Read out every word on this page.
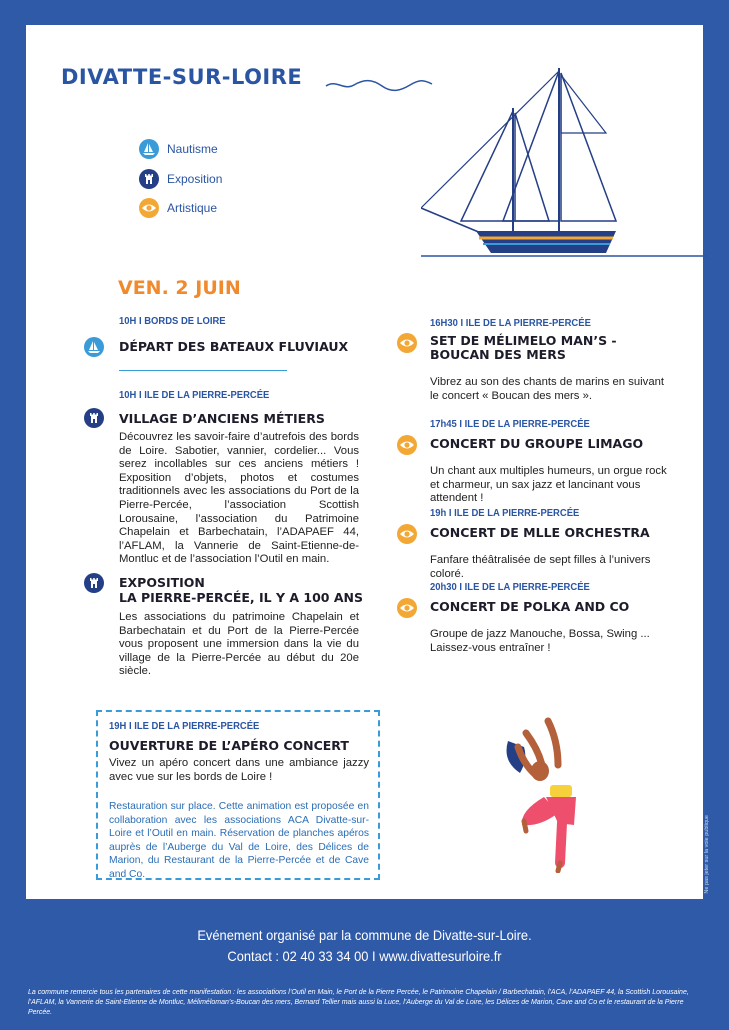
DIVATTE-SUR-LOIRE
Nautisme
Exposition
Artistique
VEN. 2 JUIN
10H I BORDS DE LOIRE
DÉPART DES BATEAUX FLUVIAUX
10H I ILE DE LA PIERRE-PERCÉE
VILLAGE D’ANCIENS MÉTIERS
Découvrez les savoir-faire d’autrefois des bords de Loire. Sabotier, vannier, cordelier... Vous serez incollables sur ces anciens métiers ! Exposition d’objets, photos et costumes traditionnels avec les associations du Port de la Pierre-Percée, l’association Scottish Lorousaine, l’association du Patrimoine Chapelain et Barbechatain, l’ADAPAEF 44, l’AFLAM, la Vannerie de Saint-Etienne-de-Montluc et de l’association l’Outil en main.
EXPOSITION
LA PIERRE-PERCÉE, IL Y A 100 ANS
Les associations du patrimoine Chapelain et Barbechatain et du Port de la Pierre-Percée vous proposent une immersion dans la vie du village de la Pierre-Percée au début du 20e siècle.
19H I ILE DE LA PIERRE-PERCÉE
OUVERTURE DE L’APÉRO CONCERT
Vivez un apéro concert dans une ambiance jazzy avec vue sur les bords de Loire !
Restauration sur place. Cette animation est proposée en collaboration avec les associations ACA Divatte-sur-Loire et l’Outil en main. Réservation de planches apéros auprès de l’Auberge du Val de Loire, des Délices de Marion, du Restaurant de la Pierre-Percée et de Cave and Co.
16H30 I ILE DE LA PIERRE-PERCÉE
SET DE MÉLIMELO MAN’S -
BOUCAN DES MERS
Vibrez au son des chants de marins en suivant le concert « Boucan des mers ».
17h45 I ILE DE LA PIERRE-PERCÉE
CONCERT DU GROUPE LIMAGO
Un chant aux multiples humeurs, un orgue rock et charmeur, un sax jazz et lancinant vous attendent !
19h I ILE DE LA PIERRE-PERCÉE
CONCERT DE MLLE ORCHESTRA
Fanfare théâtralisée de sept filles à l’univers coloré.
20h30 I ILE DE LA PIERRE-PERCÉE
CONCERT DE POLKA AND CO
Groupe de jazz Manouche, Bossa, Swing ...
Laissez-vous entraîner !
Ne pas jeter sur la voie publique
Evénement organisé par la commune de Divatte-sur-Loire.
Contact : 02 40 33 34 00 I www.divattesurloire.fr
La commune remercie tous les partenaires de cette manifestation : les associations l’Outil en Main, le Port de la Pierre Percée, le Patrimoine Chapelain / Barbechatain, l’ACA, l’ADAPAEF 44, la Scottish Lorousaine, l’AFLAM, la Vannerie de Saint-Etienne de Montluc, Méliméloman’s-Boucan des mers, Bernard Tellier mais aussi la Luce, l’Auberge du Val de Loire, les Délices de Marion, Cave and Co et le restaurant de la Pierre Percée.
